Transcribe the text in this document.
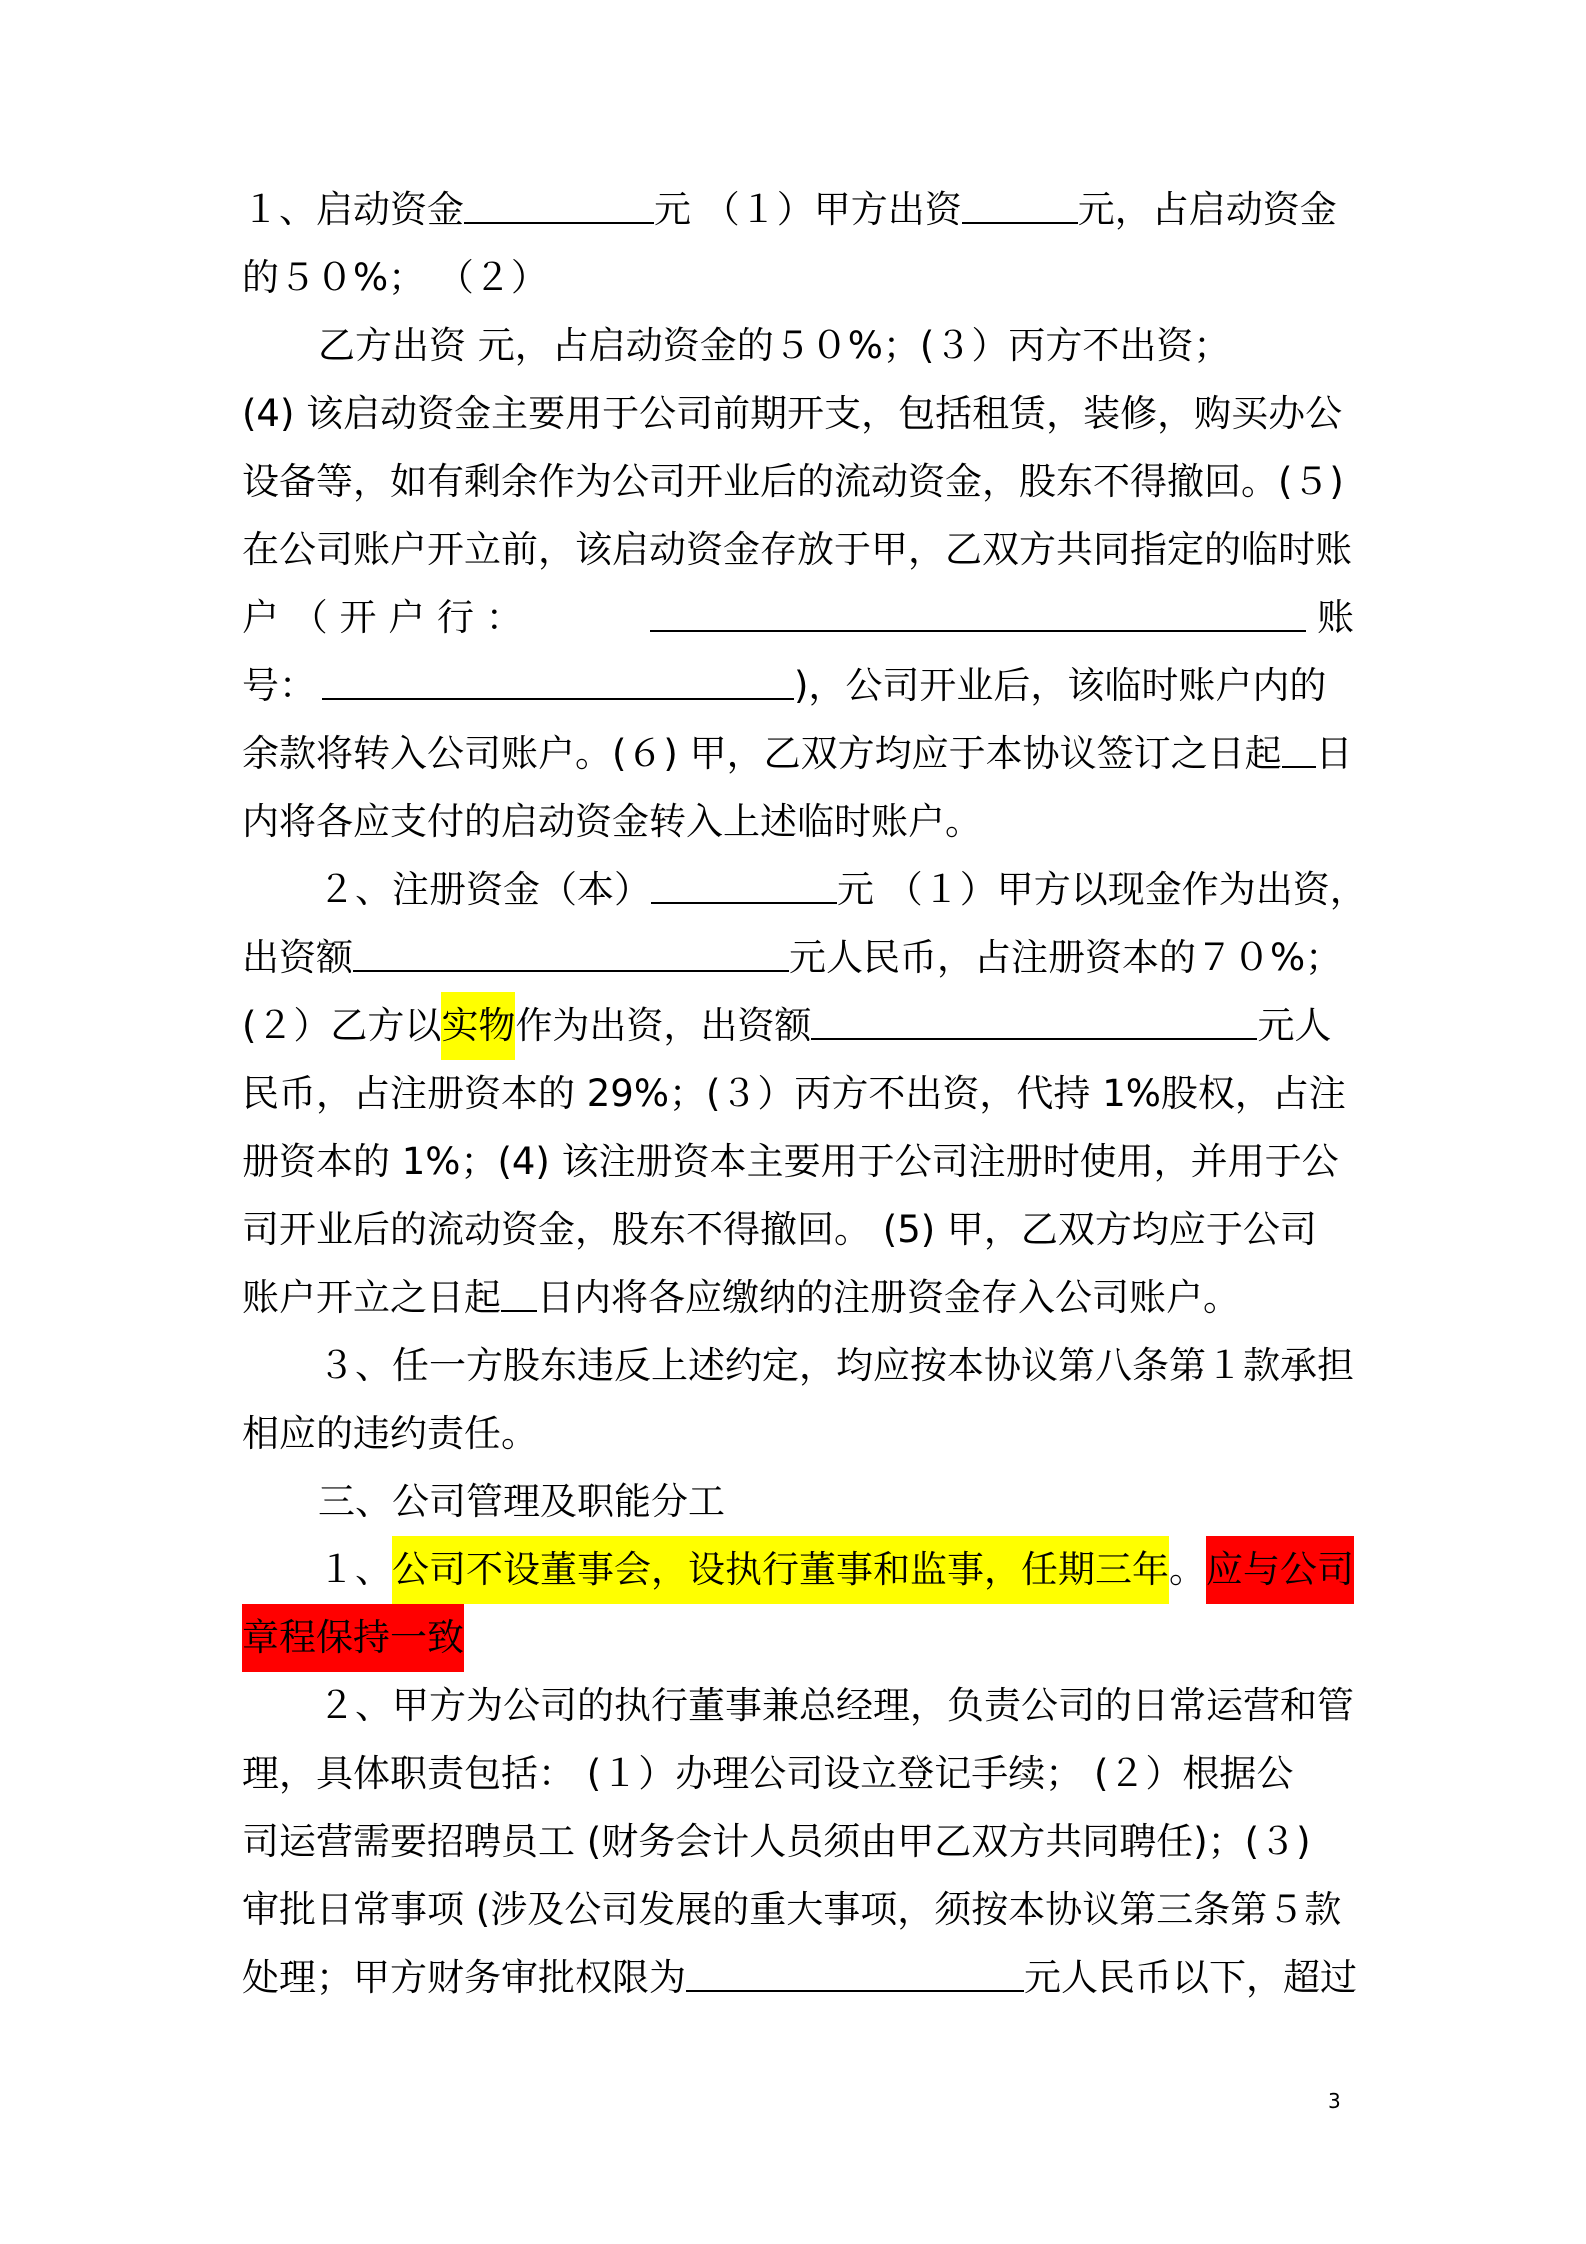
１、启动资金	元 （１）甲方出资	元，占启动资金
的５０%； （２）
乙方出资 元，占启动资金的５０%；(３）丙方不出资；
(4) 该启动资金主要用于公司前期开支，包括租赁，装修，购买办公
设备等，如有剩余作为公司开业后的流动资金，股东不得撤回。(５)
在公司账户开立前，该启动资金存放于甲，乙双方共同指定的临时账
户 （ 开 户 行 ：	账
号：	)，公司开业后，该临时账户内的
余款将转入公司账户。(６) 甲，乙双方均应于本协议签订之日起 日
内将各应支付的启动资金转入上述临时账户。
２、注册资金（本）	元 （１）甲方以现金作为出资，
出资额	元人民币，占注册资本的７０%；
(２）乙方以实物作为出资，出资额	元人
民币，占注册资本的 29%；(３）丙方不出资，代持 1%股权，占注
册资本的 1%；(4) 该注册资本主要用于公司注册时使用，并用于公
司开业后的流动资金，股东不得撤回。 (5) 甲，乙双方均应于公司
账户开立之日起 日内将各应缴纳的注册资金存入公司账户。
３、任一方股东违反上述约定，均应按本协议第八条第１款承担
相应的违约责任。
三、公司管理及职能分工
１、公司不设董事会，设执行董事和监事，任期三年。 应与公司
章程保持一致
２、甲方为公司的执行董事兼总经理，负责公司的日常运营和管
理，具体职责包括： (１）办理公司设立登记手续； (２）根据公
司运营需要招聘员工 (财务会计人员须由甲乙双方共同聘任)；(３)
审批日常事项 (涉及公司发展的重大事项，须按本协议第三条第５款
处理；甲方财务审批权限为	元人民币以下，超过
3
